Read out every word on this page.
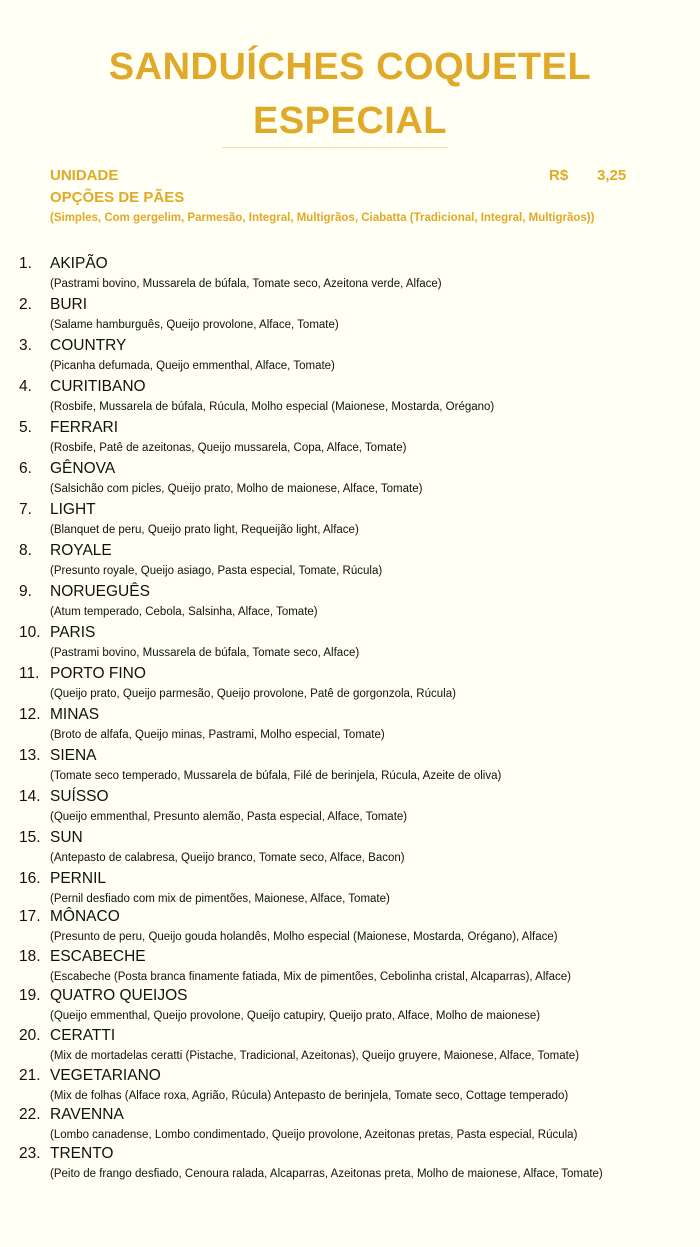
SANDUÍCHES COQUETEL
ESPECIAL
UNIDADE	R$ 3,25
OPÇÕES DE PÃES
(Simples, Com gergelim, Parmesão, Integral, Multigrãos, Ciabatta (Tradicional, Integral, Multigrãos))
1. AKIPÃO
(Pastrami bovino, Mussarela de búfala, Tomate seco, Azeitona verde, Alface)
2. BURI
(Salame hamburguês, Queijo provolone, Alface, Tomate)
3. COUNTRY
(Picanha defumada, Queijo emmenthal, Alface, Tomate)
4. CURITIBANO
(Rosbife, Mussarela de búfala, Rúcula, Molho especial (Maionese, Mostarda, Orégano)
5. FERRARI
(Rosbife, Patê de azeitonas, Queijo mussarela, Copa, Alface, Tomate)
6. GÊNOVA
(Salsichão com picles, Queijo prato, Molho de maionese, Alface, Tomate)
7. LIGHT
(Blanquet de peru, Queijo prato light, Requeijão light, Alface)
8. ROYALE
(Presunto royale, Queijo asiago, Pasta especial, Tomate, Rúcula)
9. NORUEGUÊS
(Atum temperado, Cebola, Salsinha, Alface, Tomate)
10. PARIS
(Pastrami bovino, Mussarela de búfala, Tomate seco, Alface)
11. PORTO FINO
(Queijo prato, Queijo parmesão, Queijo provolone, Patê de gorgonzola, Rúcula)
12. MINAS
(Broto de alfafa, Queijo minas, Pastrami, Molho especial, Tomate)
13. SIENA
(Tomate seco temperado, Mussarela de búfala, Filé de berinjela, Rúcula, Azeite de oliva)
14. SUÍSSO
(Queijo emmenthal, Presunto alemão, Pasta especial, Alface, Tomate)
15. SUN
(Antepasto de calabresa, Queijo branco, Tomate seco, Alface, Bacon)
16. PERNIL
(Pernil desfiado com mix de pimentões, Maionese, Alface, Tomate)
17. MÔNACO
(Presunto de peru, Queijo gouda holandês, Molho especial (Maionese, Mostarda, Orégano), Alface)
18. ESCABECHE
(Escabeche (Posta branca finamente fatiada, Mix de pimentões, Cebolinha cristal, Alcaparras), Alface)
19. QUATRO QUEIJOS
(Queijo emmenthal, Queijo provolone, Queijo catupiry, Queijo prato, Alface, Molho de maionese)
20. CERATTI
(Mix de mortadelas ceratti (Pistache, Tradicional, Azeitonas), Queijo gruyere, Maionese, Alface, Tomate)
21. VEGETARIANO
(Mix de folhas (Alface roxa, Agrião, Rúcula) Antepasto de berinjela, Tomate seco, Cottage temperado)
22. RAVENNA
(Lombo canadense, Lombo condimentado, Queijo provolone, Azeitonas pretas, Pasta especial, Rúcula)
23. TRENTO
(Peito de frango desfiado, Cenoura ralada, Alcaparras, Azeitonas preta, Molho de maionese, Alface, Tomate)
